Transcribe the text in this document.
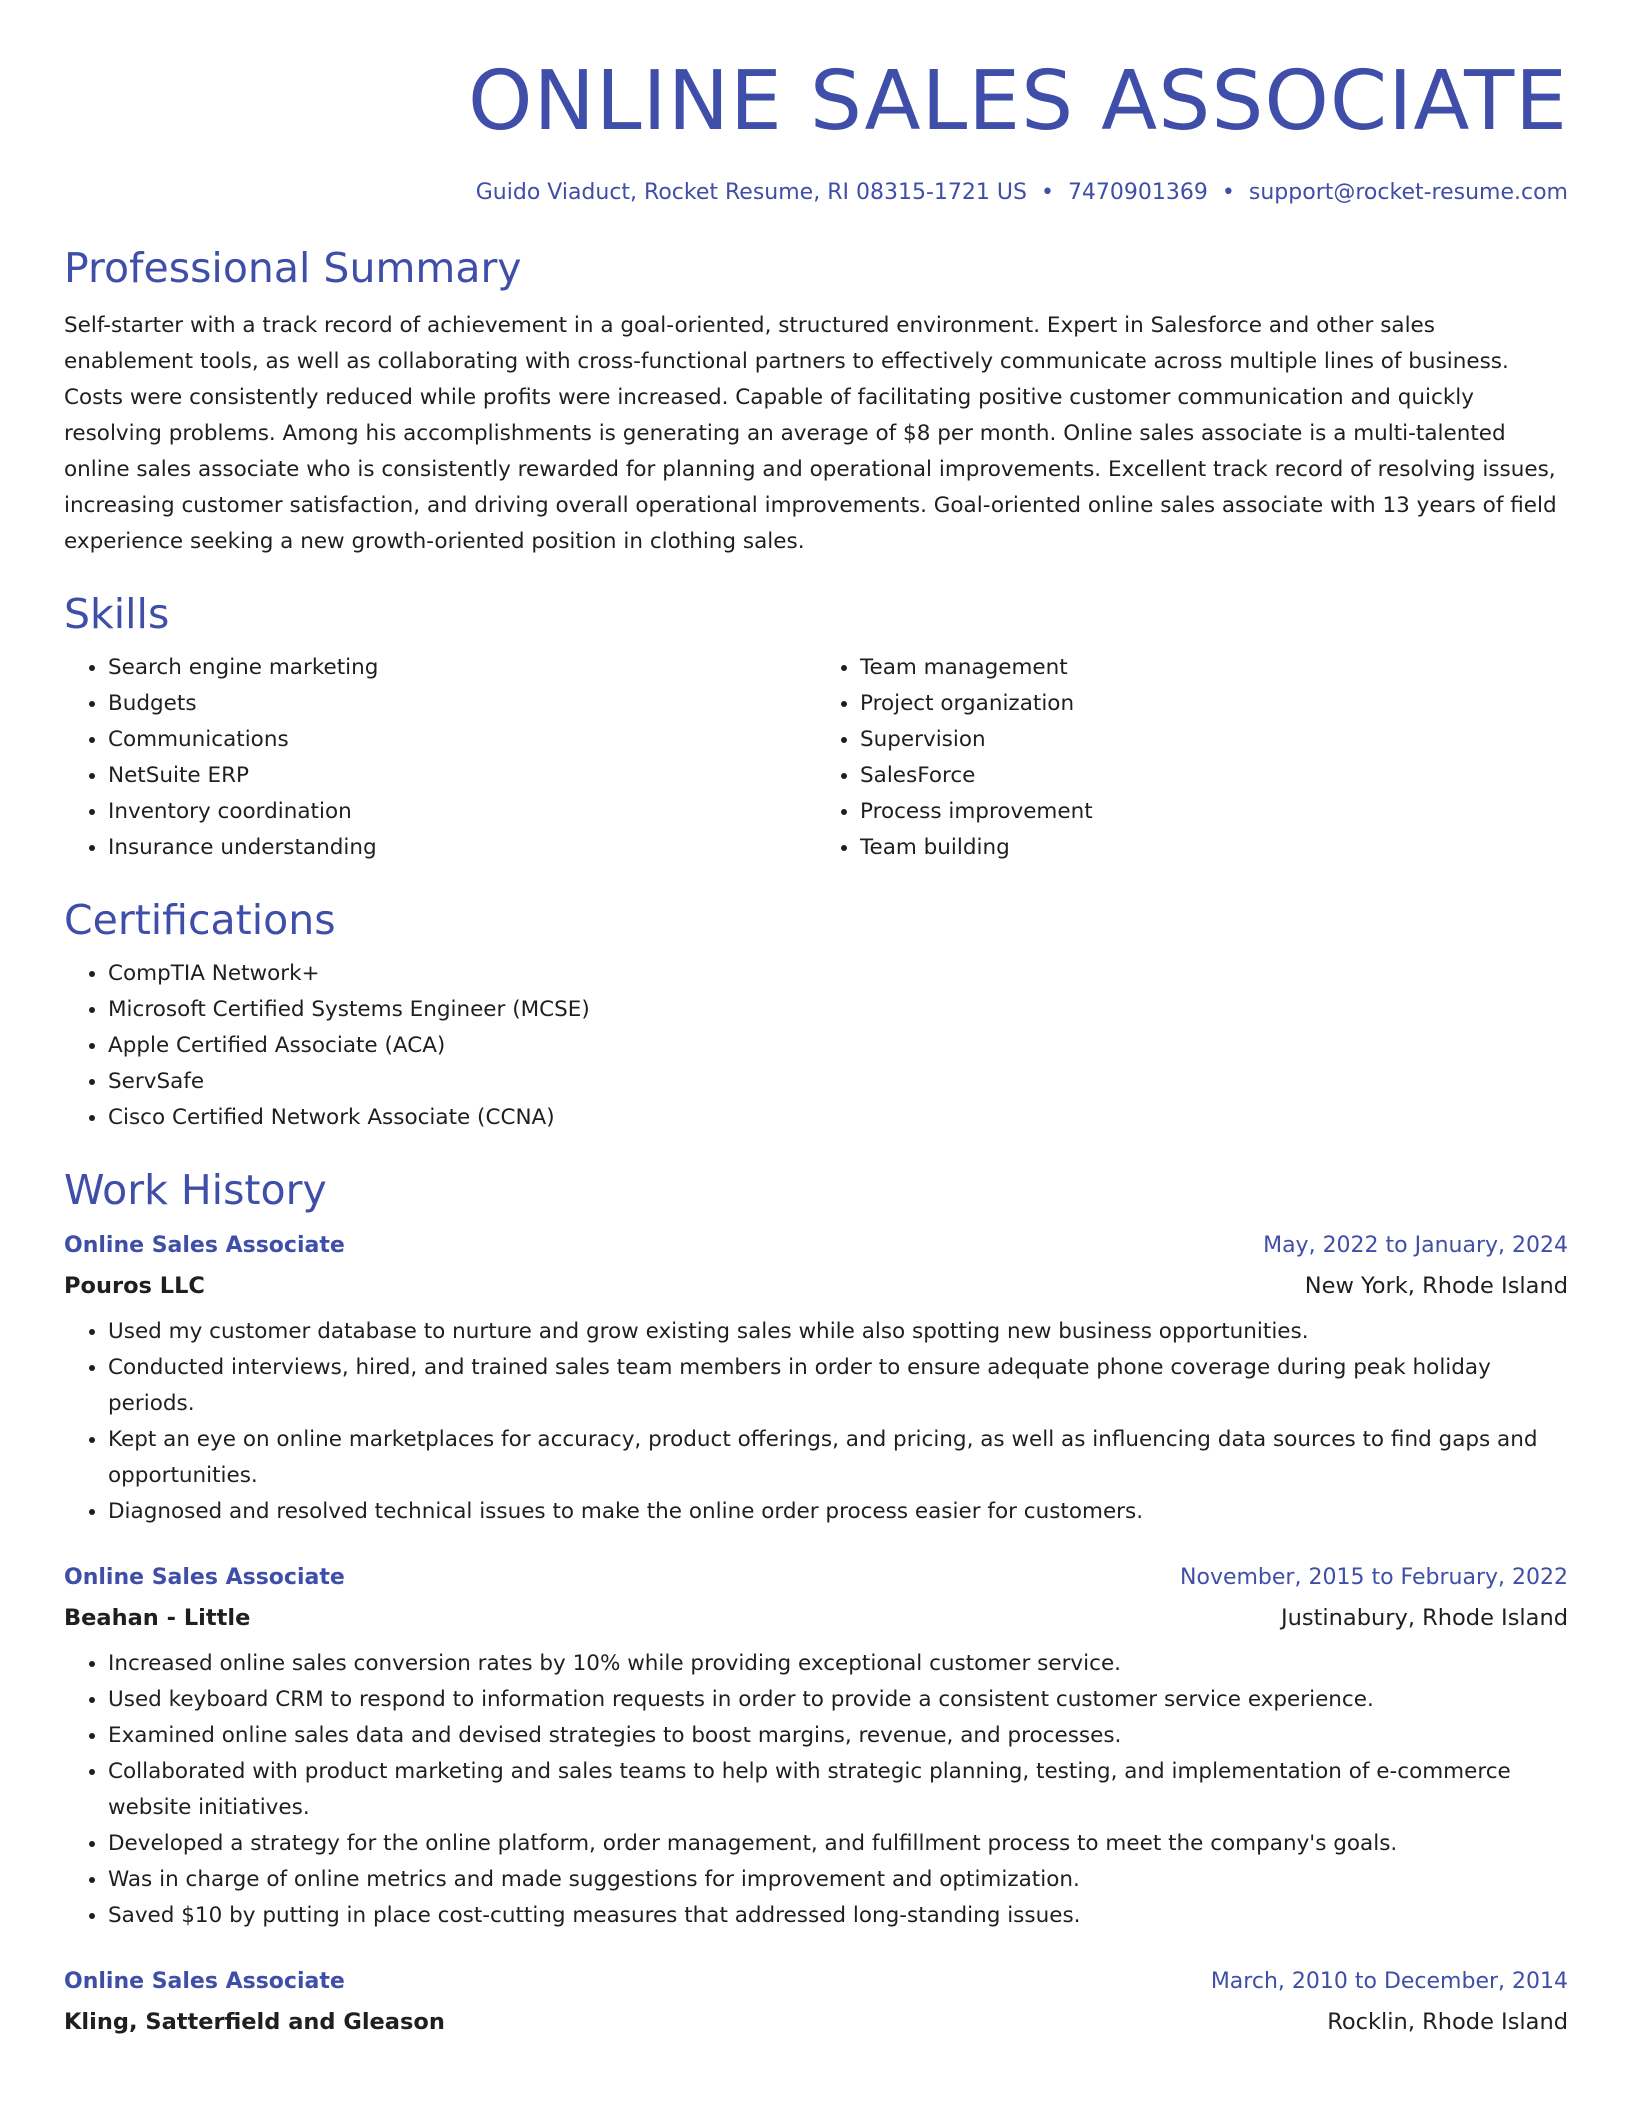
ONLINE SALES ASSOCIATE
Guido Viaduct, Rocket Resume, RI 08315-1721 US • 7470901369 • support@rocket-resume.com
Professional Summary

Self-starter with a track record of achievement in a goal-oriented, structured environment. Expert in Salesforce and other sales enablement tools, as well as collaborating with cross-functional partners to effectively communicate across multiple lines of business. Costs were consistently reduced while profits were increased. Capable of facilitating positive customer communication and quickly resolving problems. Among his accomplishments is generating an average of $8 per month. Online sales associate is a multi-talented online sales associate who is consistently rewarded for planning and operational improvements. Excellent track record of resolving issues, increasing customer satisfaction, and driving overall operational improvements. Goal-oriented online sales associate with 13 years of field experience seeking a new growth-oriented position in clothing sales.

Skills
• Search engine marketing
• Budgets
• Communications
• NetSuite ERP
• Inventory coordination
• Insurance understanding
• Team management
• Project organization
• Supervision
• SalesForce
• Process improvement
• Team building
Certifications
• CompTIA Network+
• Microsoft Certified Systems Engineer (MCSE)
• Apple Certified Associate (ACA)
• ServSafe
• Cisco Certified Network Associate (CCNA)
Work History
Online Sales Associate	May, 2022 to January, 2024
Pouros LLC	New York, Rhode Island
• Used my customer database to nurture and grow existing sales while also spotting new business opportunities.
• Conducted interviews, hired, and trained sales team members in order to ensure adequate phone coverage during peak holiday periods.
• Kept an eye on online marketplaces for accuracy, product offerings, and pricing, as well as influencing data sources to find gaps and opportunities.
• Diagnosed and resolved technical issues to make the online order process easier for customers.
Online Sales Associate	November, 2015 to February, 2022
Beahan - Little	Justinabury, Rhode Island
• Increased online sales conversion rates by 10% while providing exceptional customer service.
• Used keyboard CRM to respond to information requests in order to provide a consistent customer service experience.
• Examined online sales data and devised strategies to boost margins, revenue, and processes.
• Collaborated with product marketing and sales teams to help with strategic planning, testing, and implementation of e-commerce website initiatives.
• Developed a strategy for the online platform, order management, and fulfillment process to meet the company's goals.
• Was in charge of online metrics and made suggestions for improvement and optimization.
• Saved $10 by putting in place cost-cutting measures that addressed long-standing issues.
Online Sales Associate	March, 2010 to December, 2014
Kling, Satterfield and Gleason	Rocklin, Rhode Island
